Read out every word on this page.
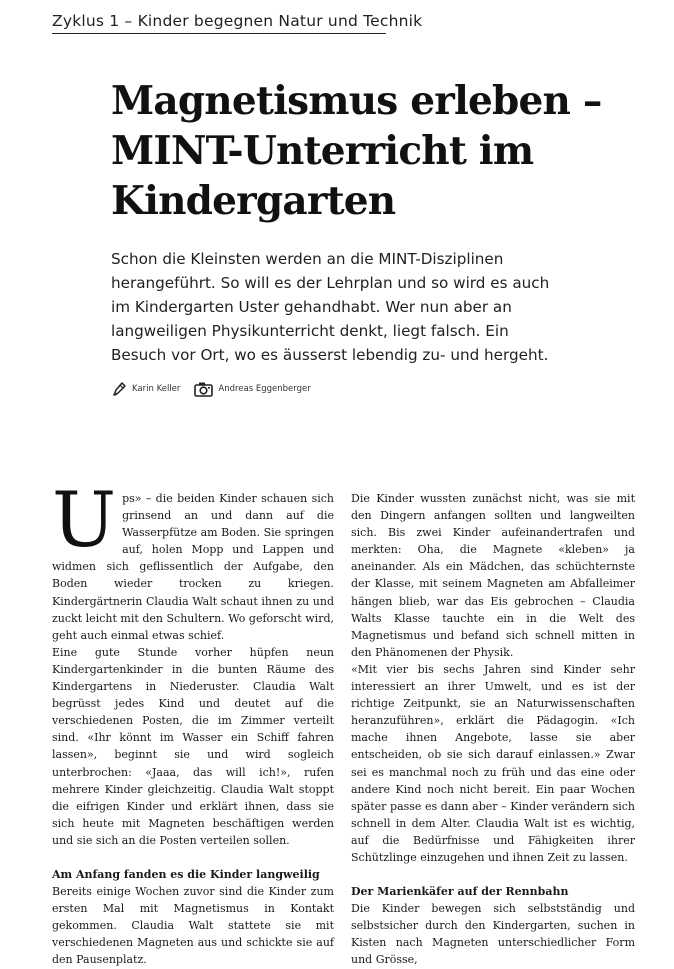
Zyklus 1 – Kinder begegnen Natur und Technik
Magnetismus erleben – MINT-Unterricht im Kindergarten

Schon die Kleinsten werden an die MINT-Disziplinen herangeführt. So will es der Lehrplan und so wird es auch im Kindergarten Uster gehandhabt. Wer nun aber an langweiligen Physikunterricht denkt, liegt falsch. Ein Besuch vor Ort, wo es äusserst lebendig zu- und hergeht.

Karin Keller	Andreas Eggenberger

Ups» – die beiden Kinder schauen sich grinsend an und dann auf die Wasserpfütze am Boden. Sie springen auf, holen Mopp und Lappen und widmen sich geflissentlich der Aufgabe, den Boden wieder trocken zu kriegen. Kindergärtnerin Claudia Walt schaut ihnen zu und zuckt leicht mit den Schultern. Wo geforscht wird, geht auch einmal etwas schief.

Eine gute Stunde vorher hüpfen neun Kindergartenkinder in die bunten Räume des Kindergartens in Niederuster. Claudia Walt begrüsst jedes Kind und deutet auf die verschiedenen Posten, die im Zimmer verteilt sind. «Ihr könnt im Wasser ein Schiff fahren lassen», beginnt sie und wird sogleich unterbrochen: «Jaaa, das will ich!», rufen mehrere Kinder gleichzeitig. Claudia Walt stoppt die eifrigen Kinder und erklärt ihnen, dass sie sich heute mit Magneten beschäftigen werden und sie sich an die Posten verteilen sollen.

Am Anfang fanden es die Kinder langweilig

Bereits einige Wochen zuvor sind die Kinder zum ersten Mal mit Magnetismus in Kontakt gekommen. Claudia Walt stattete sie mit verschiedenen Magneten aus und schickte sie auf den Pausenplatz.

Die Kinder wussten zunächst nicht, was sie mit den Dingern anfangen sollten und langweilten sich. Bis zwei Kinder aufeinandertrafen und merkten: Oha, die Magnete «kleben» ja aneinander. Als ein Mädchen, das schüchternste der Klasse, mit seinem Magneten am Abfalleimer hängen blieb, war das Eis gebrochen – Claudia Walts Klasse tauchte ein in die Welt des Magnetismus und befand sich schnell mitten in den Phänomenen der Physik.

«Mit vier bis sechs Jahren sind Kinder sehr interessiert an ihrer Umwelt, und es ist der richtige Zeitpunkt, sie an Naturwissenschaften heranzuführen», erklärt die Pädagogin. «Ich mache ihnen Angebote, lasse sie aber entscheiden, ob sie sich darauf einlassen.» Zwar sei es manchmal noch zu früh und das eine oder andere Kind noch nicht bereit. Ein paar Wochen später passe es dann aber – Kinder verändern sich schnell in dem Alter. Claudia Walt ist es wichtig, auf die Bedürfnisse und Fähigkeiten ihrer Schützlinge einzugehen und ihnen Zeit zu lassen.

Der Marienkäfer auf der Rennbahn

Die Kinder bewegen sich selbstständig und selbstsicher durch den Kindergarten, suchen in Kisten nach Magneten unterschiedlicher Form und Grösse,
